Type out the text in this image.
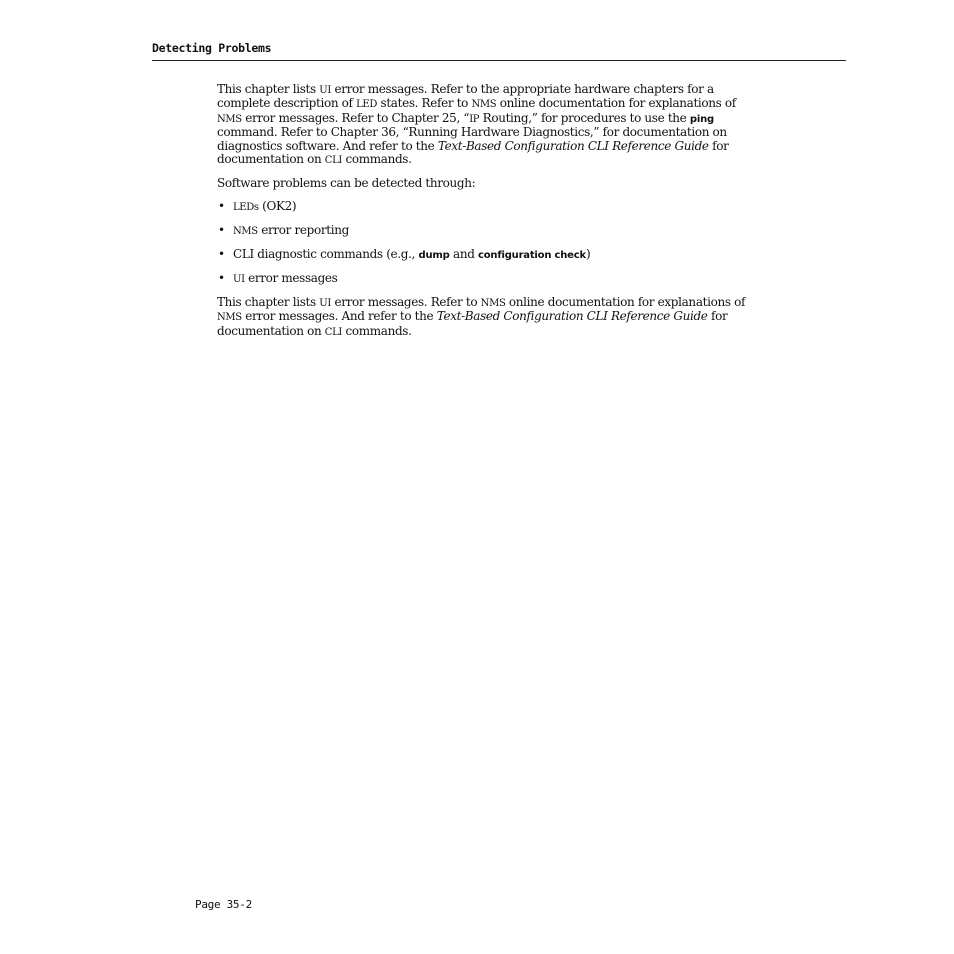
Detecting Problems

This chapter lists UI error messages. Refer to the appropriate hardware chapters for a complete description of LED states. Refer to NMS online documentation for explanations of NMS error messages. Refer to Chapter 25, “IP Routing,” for procedures to use the ping command. Refer to Chapter 36, “Running Hardware Diagnostics,” for documentation on diagnostics software. And refer to the Text-Based Configuration CLI Reference Guide for documentation on CLI commands.

Software problems can be detected through:

• LEDs (OK2)
• NMS error reporting
• CLI diagnostic commands (e.g., dump and configuration check)
• UI error messages

This chapter lists UI error messages. Refer to NMS online documentation for explanations of NMS error messages. And refer to the Text-Based Configuration CLI Reference Guide for documentation on CLI commands.

Page 35-2
